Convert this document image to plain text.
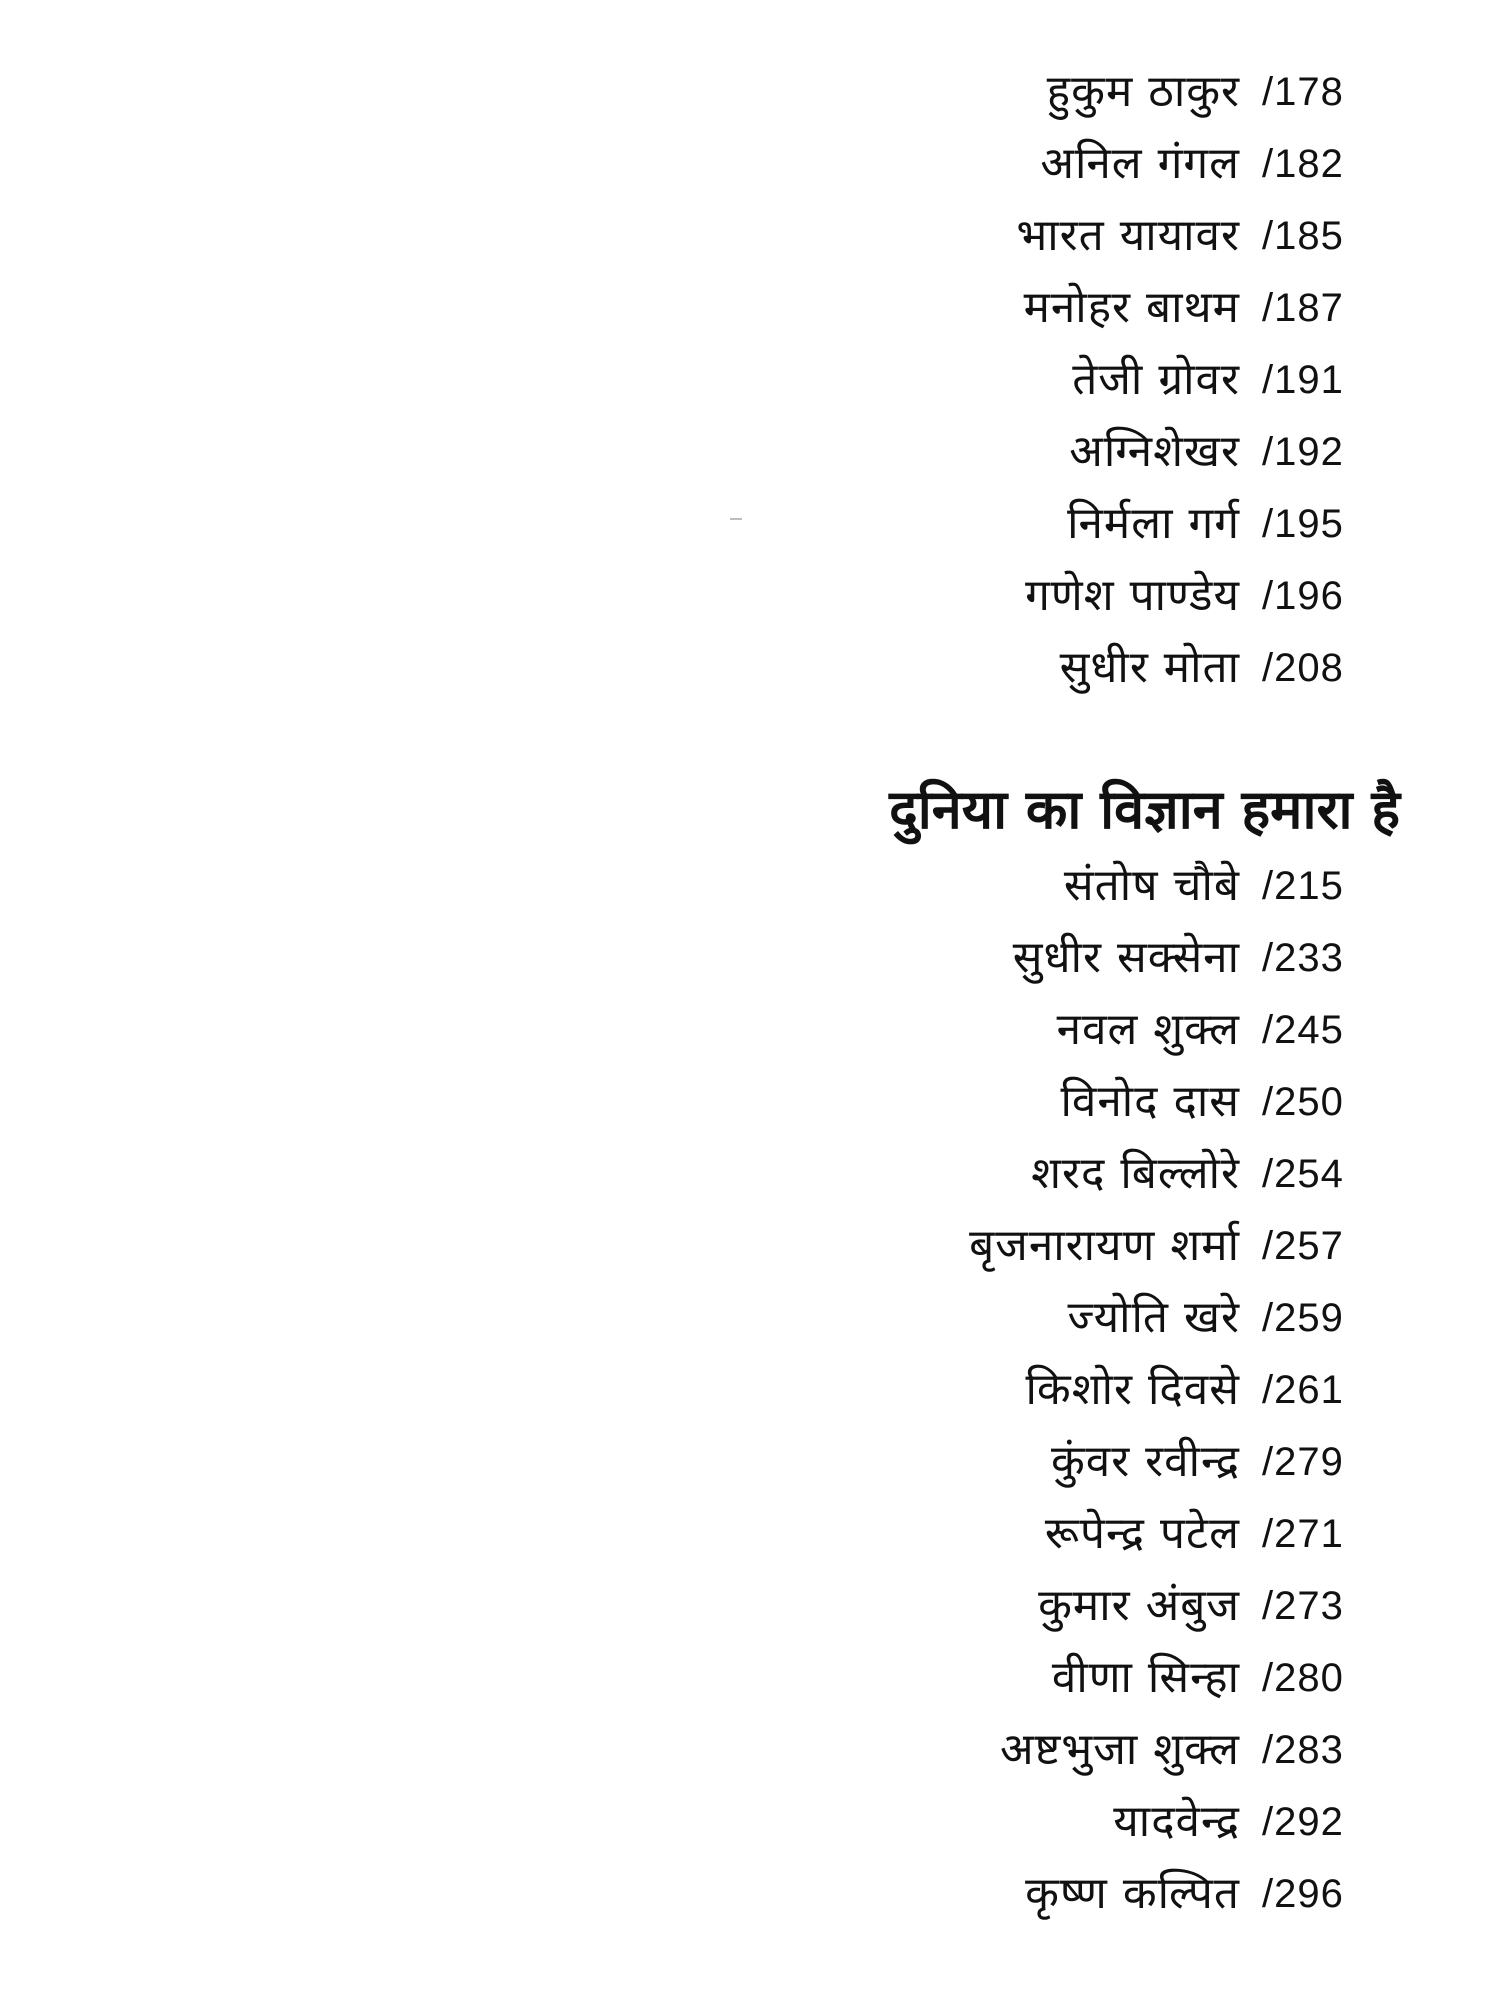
हुकुम ठाकुर /178
अनिल गंगल /182
भारत यायावर /185
मनोहर बाथम /187
तेजी ग्रोवर /191
अग्निशेखर /192
निर्मला गर्ग /195
गणेश पाण्डेय /196
सुधीर मोता /208
दुनिया का विज्ञान हमारा है
संतोष चौबे /215
सुधीर सक्सेना /233
नवल शुक्ल /245
विनोद दास /250
शरद बिल्लोरे /254
बृजनारायण शर्मा /257
ज्योति खरे /259
किशोर दिवसे /261
कुंवर रवीन्द्र /279
रूपेन्द्र पटेल /271
कुमार अंबुज /273
वीणा सिन्हा /280
अष्टभुजा शुक्ल /283
यादवेन्द्र /292
कृष्ण कल्पित /296
